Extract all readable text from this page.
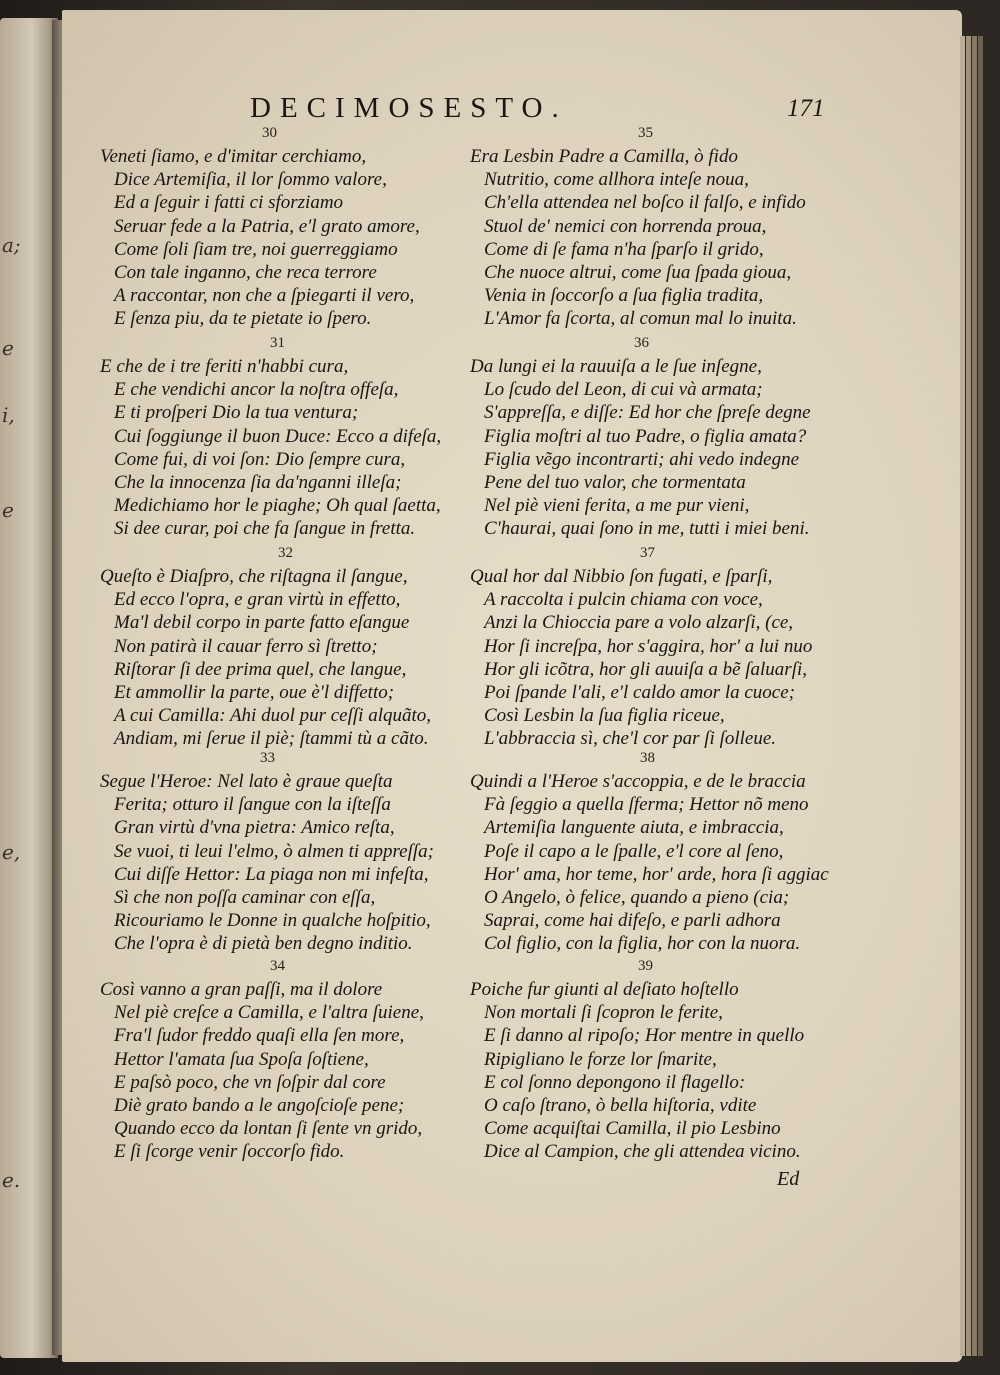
a;
e
i,
e
e,
e.
DECIMOSESTO.	171
30
Veneti ſiamo, e d'imitar cerchiamo,
Dice Artemiſia, il lor ſommo valore,
Ed a ſeguir i fatti ci sforziamo
Seruar fede a la Patria, e'l grato amore,
Come ſoli ſiam tre, noi guerreggiamo
Con tale inganno, che reca terrore
A raccontar, non che a ſpiegarti il vero,
E ſenza piu, da te pietate io ſpero.
31
E che de i tre feriti n'habbi cura,
E che vendichi ancor la noſtra offeſa,
E ti proſperi Dio la tua ventura;
Cui ſoggiunge il buon Duce: Ecco a difeſa,
Come fui, di voi ſon: Dio ſempre cura,
Che la innocenza ſia da'nganni illeſa;
Medichiamo hor le piaghe; Oh qual ſaetta,
Si dee curar, poi che fa ſangue in fretta.
32
Queſto è Diaſpro, che riſtagna il ſangue,
Ed ecco l'opra, e gran virtù in effetto,
Ma'l debil corpo in parte fatto eſangue
Non patirà il cauar ferro sì ſtretto;
Riſtorar ſi dee prima quel, che langue,
Et ammollir la parte, oue è'l diffetto;
A cui Camilla: Ahi duol pur ceſſi alquãto,
Andiam, mi ſerue il piè; ſtammi tù a cãto.
33
Segue l'Heroe: Nel lato è graue queſta
Ferita; otturo il ſangue con la iſteſſa
Gran virtù d'vna pietra: Amico reſta,
Se vuoi, ti leui l'elmo, ò almen ti appreſſa;
Cui diſſe Hettor: La piaga non mi infeſta,
Sì che non poſſa caminar con eſſa,
Ricouriamo le Donne in qualche hoſpitio,
Che l'opra è di pietà ben degno inditio.
34
Così vanno a gran paſſi, ma il dolore
Nel piè creſce a Camilla, e l'altra ſuiene,
Fra'l ſudor freddo quaſi ella ſen more,
Hettor l'amata ſua Spoſa ſoſtiene,
E paſsò poco, che vn ſoſpir dal core
Diè grato bando a le angoſcioſe pene;
Quando ecco da lontan ſi ſente vn grido,
E ſi ſcorge venir ſoccorſo fido.
35
Era Lesbin Padre a Camilla, ò fido
Nutritio, come allhora inteſe noua,
Ch'ella attendea nel boſco il falſo, e infido
Stuol de' nemici con horrenda proua,
Come di ſe fama n'ha ſparſo il grido,
Che nuoce altrui, come ſua ſpada gioua,
Venia in ſoccorſo a ſua figlia tradita,
L'Amor fa ſcorta, al comun mal lo inuita.
36
Da lungi ei la rauuiſa a le ſue inſegne,
Lo ſcudo del Leon, di cui và armata;
S'appreſſa, e diſſe: Ed hor che ſpreſe degne
Figlia moſtri al tuo Padre, o figlia amata?
Figlia vẽgo incontrarti; ahi vedo indegne
Pene del tuo valor, che tormentata
Nel piè vieni ferita, a me pur vieni,
C'haurai, quai ſono in me, tutti i miei beni.
37
Qual hor dal Nibbio ſon fugati, e ſparſi,
A raccolta i pulcin chiama con voce,
Anzi la Chioccia pare a volo alzarſi, (ce,
Hor ſi increſpa, hor s'aggira, hor' a lui nuo
Hor gli icõtra, hor gli auuiſa a bẽ ſaluarſi,
Poi ſpande l'ali, e'l caldo amor la cuoce;
Così Lesbin la ſua figlia riceue,
L'abbraccia sì, che'l cor par ſi ſolleue.
38
Quindi a l'Heroe s'accoppia, e de le braccia
Fà ſeggio a quella ſferma; Hettor nõ meno
Artemiſia languente aiuta, e imbraccia,
Poſe il capo a le ſpalle, e'l core al ſeno,
Hor' ama, hor teme, hor' arde, hora ſi aggiac
O Angelo, ò felice, quando a pieno (cia;
Saprai, come hai difeſo, e parli adhora
Col figlio, con la figlia, hor con la nuora.
39
Poiche fur giunti al deſiato hoſtello
Non mortali ſi ſcopron le ferite,
E ſi danno al ripoſo; Hor mentre in quello
Ripigliano le forze lor ſmarite,
E col ſonno depongono il flagello:
O caſo ſtrano, ò bella hiſtoria, vdite
Come acquiſtai Camilla, il pio Lesbino
Dice al Campion, che gli attendea vicino.
Ed
